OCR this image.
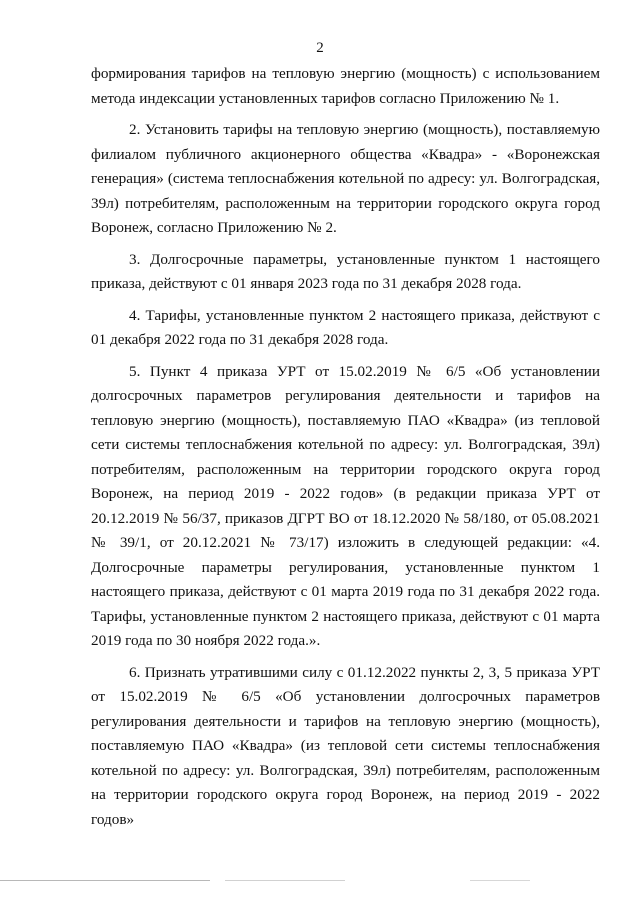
2

формирования тарифов на тепловую энергию (мощность) с использованием метода индексации установленных тарифов согласно Приложению № 1.

2. Установить тарифы на тепловую энергию (мощность), поставляемую филиалом публичного акционерного общества «Квадра» - «Воронежская генерация» (система теплоснабжения котельной по адресу: ул. Волгоградская, 39л) потребителям, расположенным на территории городского округа город Воронеж, согласно Приложению № 2.

3. Долгосрочные параметры, установленные пунктом 1 настоящего приказа, действуют с 01 января 2023 года по 31 декабря 2028 года.

4. Тарифы, установленные пунктом 2 настоящего приказа, действуют с 01 декабря 2022 года по 31 декабря 2028 года.

5. Пункт 4 приказа УРТ от 15.02.2019 № 6/5 «Об установлении долгосрочных параметров регулирования деятельности и тарифов на тепловую энергию (мощность), поставляемую ПАО «Квадра» (из тепловой сети системы теплоснабжения котельной по адресу: ул. Волгоградская, 39л) потребителям, расположенным на территории городского округа город Воронеж, на период 2019 - 2022 годов» (в редакции приказа УРТ от 20.12.2019 № 56/37, приказов ДГРТ ВО от 18.12.2020 № 58/180, от 05.08.2021 № 39/1, от 20.12.2021 № 73/17) изложить в следующей редакции: «4. Долгосрочные параметры регулирования, установленные пунктом 1 настоящего приказа, действуют с 01 марта 2019 года по 31 декабря 2022 года. Тарифы, установленные пунктом 2 настоящего приказа, действуют с 01 марта 2019 года по 30 ноября 2022 года.».

6. Признать утратившими силу с 01.12.2022 пункты 2, 3, 5 приказа УРТ от 15.02.2019 № 6/5 «Об установлении долгосрочных параметров регулирования деятельности и тарифов на тепловую энергию (мощность), поставляемую ПАО «Квадра» (из тепловой сети системы теплоснабжения котельной по адресу: ул. Волгоградская, 39л) потребителям, расположенным на территории городского округа город Воронеж, на период 2019 - 2022 годов»
